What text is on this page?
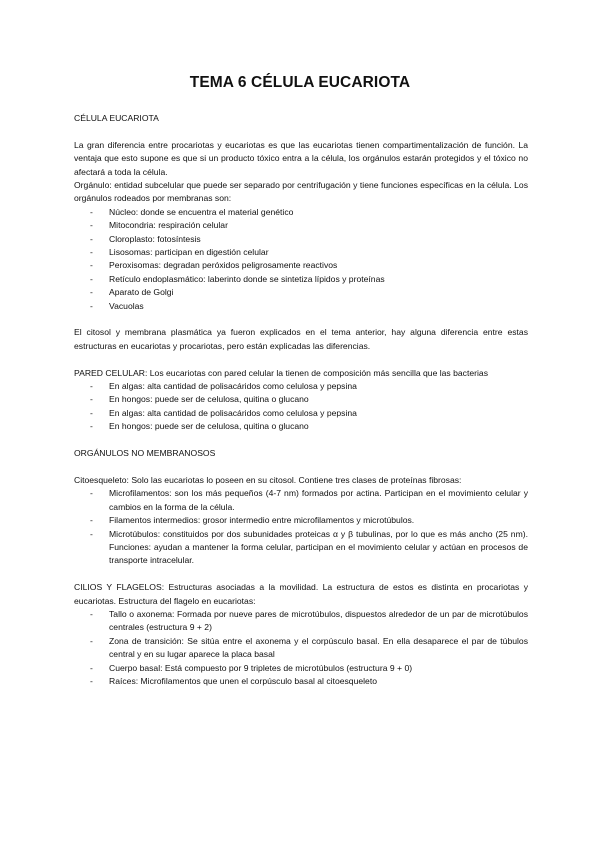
TEMA 6 CÉLULA EUCARIOTA

CÉLULA EUCARIOTA

La gran diferencia entre procariotas y eucariotas es que las eucariotas tienen compartimentalización de función. La ventaja que esto supone es que si un producto tóxico entra a la célula, los orgánulos estarán protegidos y el tóxico no afectará a toda la célula.

Orgánulo: entidad subcelular que puede ser separado por centrifugación y tiene funciones específicas en la célula. Los orgánulos rodeados por membranas son:

- Núcleo: donde se encuentra el material genético
- Mitocondria: respiración celular
- Cloroplasto: fotosíntesis
- Lisosomas: participan en digestión celular
- Peroxisomas: degradan peróxidos peligrosamente reactivos
- Retículo endoplasmático: laberinto donde se sintetiza lípidos y proteínas
- Aparato de Golgi
- Vacuolas

El citosol y membrana plasmática ya fueron explicados en el tema anterior, hay alguna diferencia entre estas estructuras en eucariotas y procariotas, pero están explicadas las diferencias.

PARED CELULAR: Los eucariotas con pared celular la tienen de composición más sencilla que las bacterias

- En algas: alta cantidad de polisacáridos como celulosa y pepsina
- En hongos: puede ser de celulosa, quitina o glucano
- En algas: alta cantidad de polisacáridos como celulosa y pepsina
- En hongos: puede ser de celulosa, quitina o glucano

ORGÁNULOS NO MEMBRANOSOS

Citoesqueleto: Solo las eucariotas lo poseen en su citosol. Contiene tres clases de proteínas fibrosas:

- Microfilamentos: son los más pequeños (4-7 nm) formados por actina. Participan en el movimiento celular y cambios en la forma de la célula.
- Filamentos intermedios: grosor intermedio entre microfilamentos y microtúbulos.
- Microtúbulos: constituidos por dos subunidades proteicas α y β tubulinas, por lo que es más ancho (25 nm). Funciones: ayudan a mantener la forma celular, participan en el movimiento celular y actúan en procesos de transporte intracelular.

CILIOS Y FLAGELOS: Estructuras asociadas a la movilidad. La estructura de estos es distinta en procariotas y eucariotas. Estructura del flagelo en eucariotas:

- Tallo o axonema: Formada por nueve pares de microtúbulos, dispuestos alrededor de un par de microtúbulos centrales (estructura 9 + 2)
- Zona de transición: Se sitúa entre el axonema y el corpúsculo basal. En ella desaparece el par de túbulos central y en su lugar aparece la placa basal
- Cuerpo basal: Está compuesto por 9 tripletes de microtúbulos (estructura 9 + 0)
- Raíces: Microfilamentos que unen el corpúsculo basal al citoesqueleto
